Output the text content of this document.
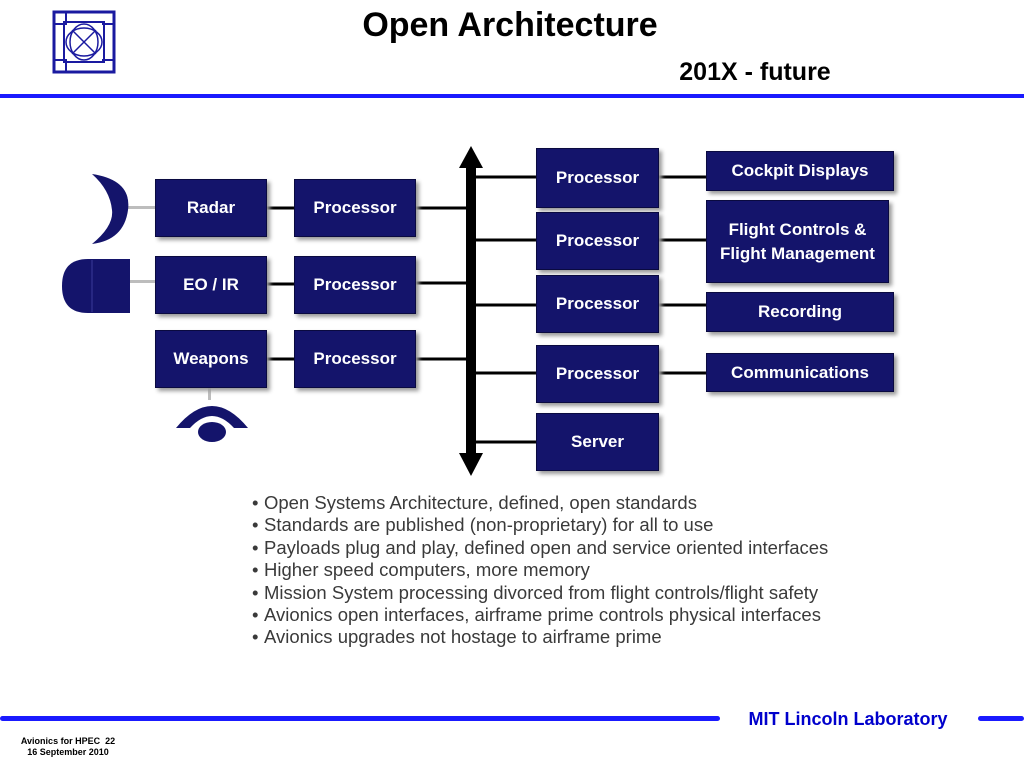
Open Architecture
201X - future
Radar
EO / IR
Weapons
Processor
Processor
Processor
Processor
Processor
Processor
Processor
Server
Cockpit Displays
Flight Controls & Flight Management
Recording
Communications
• Open Systems Architecture, defined, open standards
• Standards are published (non-proprietary) for all to use
• Payloads plug and play, defined open and service oriented interfaces
• Higher speed computers, more memory
• Mission System processing divorced from flight controls/flight safety
• Avionics open interfaces, airframe prime controls physical interfaces
• Avionics upgrades not hostage to airframe prime
MIT Lincoln Laboratory
Avionics for HPEC 22
16 September 2010
